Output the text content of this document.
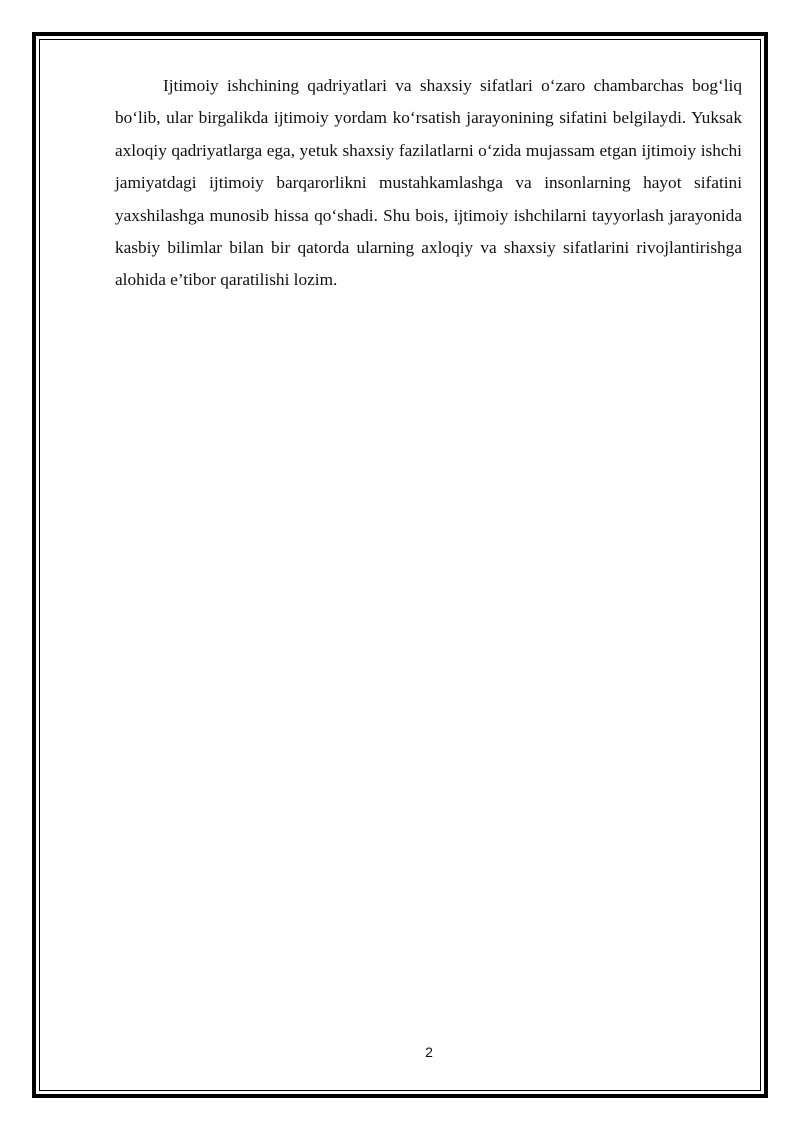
Ijtimoiy ishchining qadriyatlari va shaxsiy sifatlari o‘zaro chambarchas bog‘liq bo‘lib, ular birgalikda ijtimoiy yordam ko‘rsatish jarayonining sifatini belgilaydi. Yuksak axloqiy qadriyatlarga ega, yetuk shaxsiy fazilatlarni o‘zida mujassam etgan ijtimoiy ishchi jamiyatdagi ijtimoiy barqarorlikni mustahkamlashga va insonlarning hayot sifatini yaxshilashga munosib hissa qo‘shadi. Shu bois, ijtimoiy ishchilarni tayyorlash jarayonida kasbiy bilimlar bilan bir qatorda ularning axloqiy va shaxsiy sifatlarini rivojlantirishga alohida e’tibor qaratilishi lozim.

2
